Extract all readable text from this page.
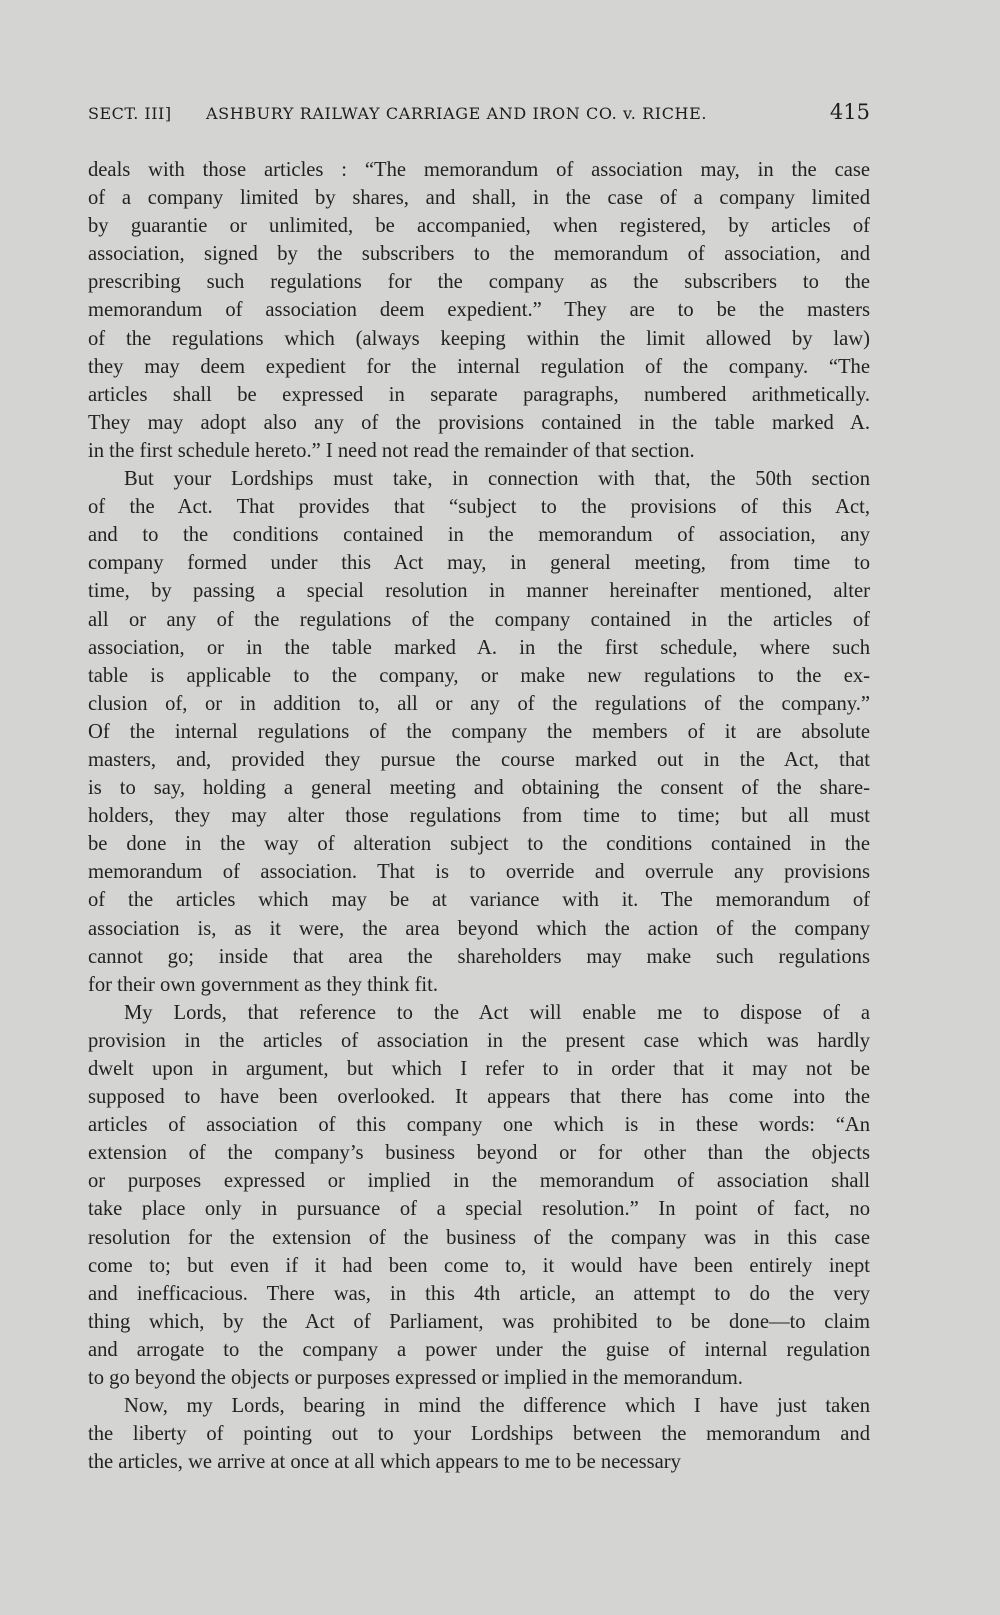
SECT. III] ASHBURY RAILWAY CARRIAGE AND IRON CO. v. RICHE.	415
deals with those articles : “The memorandum of association may, in the case
of a company limited by shares, and shall, in the case of a company limited
by guarantie or unlimited, be accompanied, when registered, by articles of
association, signed by the subscribers to the memorandum of association, and
prescribing such regulations for the company as the subscribers to the
memorandum of association deem expedient.” They are to be the masters
of the regulations which (always keeping within the limit allowed by law)
they may deem expedient for the internal regulation of the company. “The
articles shall be expressed in separate paragraphs, numbered arithmetically.
They may adopt also any of the provisions contained in the table marked A.
in the first schedule hereto.” I need not read the remainder of that section.
But your Lordships must take, in connection with that, the 50th section
of the Act. That provides that “subject to the provisions of this Act,
and to the conditions contained in the memorandum of association, any
company formed under this Act may, in general meeting, from time to
time, by passing a special resolution in manner hereinafter mentioned, alter
all or any of the regulations of the company contained in the articles of
association, or in the table marked A. in the first schedule, where such
table is applicable to the company, or make new regulations to the ex-
clusion of, or in addition to, all or any of the regulations of the company.”
Of the internal regulations of the company the members of it are absolute
masters, and, provided they pursue the course marked out in the Act, that
is to say, holding a general meeting and obtaining the consent of the share-
holders, they may alter those regulations from time to time; but all must
be done in the way of alteration subject to the conditions contained in the
memorandum of association. That is to override and overrule any provisions
of the articles which may be at variance with it. The memorandum of
association is, as it were, the area beyond which the action of the company
cannot go; inside that area the shareholders may make such regulations
for their own government as they think fit.
My Lords, that reference to the Act will enable me to dispose of a
provision in the articles of association in the present case which was hardly
dwelt upon in argument, but which I refer to in order that it may not be
supposed to have been overlooked. It appears that there has come into the
articles of association of this company one which is in these words: “An
extension of the company’s business beyond or for other than the objects
or purposes expressed or implied in the memorandum of association shall
take place only in pursuance of a special resolution.” In point of fact, no
resolution for the extension of the business of the company was in this case
come to; but even if it had been come to, it would have been entirely inept
and inefficacious. There was, in this 4th article, an attempt to do the very
thing which, by the Act of Parliament, was prohibited to be done—to claim
and arrogate to the company a power under the guise of internal regulation
to go beyond the objects or purposes expressed or implied in the memorandum.
Now, my Lords, bearing in mind the difference which I have just taken
the liberty of pointing out to your Lordships between the memorandum and
the articles, we arrive at once at all which appears to me to be necessary
